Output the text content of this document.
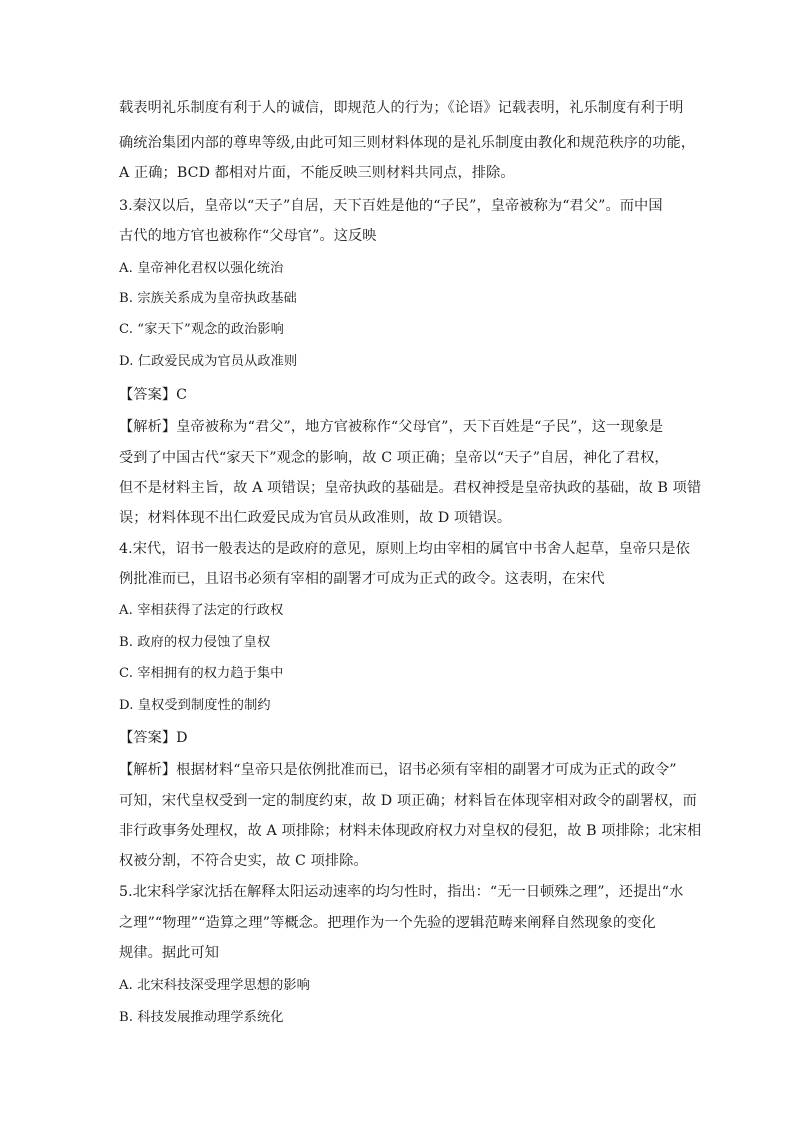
载表明礼乐制度有利于人的诚信，即规范人的行为；《论语》记载表明，礼乐制度有利于明
确统治集团内部的尊卑等级,由此可知三则材料体现的是礼乐制度由教化和规范秩序的功能，
A 正确；BCD 都相对片面，不能反映三则材料共同点，排除。
3.秦汉以后，皇帝以“天子”自居，天下百姓是他的“子民”，皇帝被称为“君父”。而中国
古代的地方官也被称作“父母官”。这反映
A. 皇帝神化君权以强化统治
B. 宗族关系成为皇帝执政基础
C. “家天下”观念的政治影响
D. 仁政爱民成为官员从政准则
【答案】C
【解析】皇帝被称为“君父”，地方官被称作“父母官”，天下百姓是“子民”，这一现象是
受到了中国古代“家天下”观念的影响，故 C 项正确；皇帝以“天子”自居，神化了君权，
但不是材料主旨，故 A 项错误；皇帝执政的基础是。君权神授是皇帝执政的基础，故 B 项错
误；材料体现不出仁政爱民成为官员从政准则，故 D 项错误。
4.宋代，诏书一般表达的是政府的意见，原则上均由宰相的属官中书舍人起草，皇帝只是依
例批准而已，且诏书必须有宰相的副署才可成为正式的政令。这表明，在宋代
A. 宰相获得了法定的行政权
B. 政府的权力侵蚀了皇权
C. 宰相拥有的权力趋于集中
D. 皇权受到制度性的制约
【答案】D
【解析】根据材料“皇帝只是依例批准而已，诏书必须有宰相的副署才可成为正式的政令”
可知，宋代皇权受到一定的制度约束，故 D 项正确；材料旨在体现宰相对政令的副署权，而
非行政事务处理权，故 A 项排除；材料未体现政府权力对皇权的侵犯，故 B 项排除；北宋相
权被分割，不符合史实，故 C 项排除。
5.北宋科学家沈括在解释太阳运动速率的均匀性时，指出：“无一日顿殊之理”，还提出“水
之理”“物理”“造算之理”等概念。把理作为一个先验的逻辑范畴来阐释自然现象的变化
规律。据此可知
A. 北宋科技深受理学思想的影响
B. 科技发展推动理学系统化
